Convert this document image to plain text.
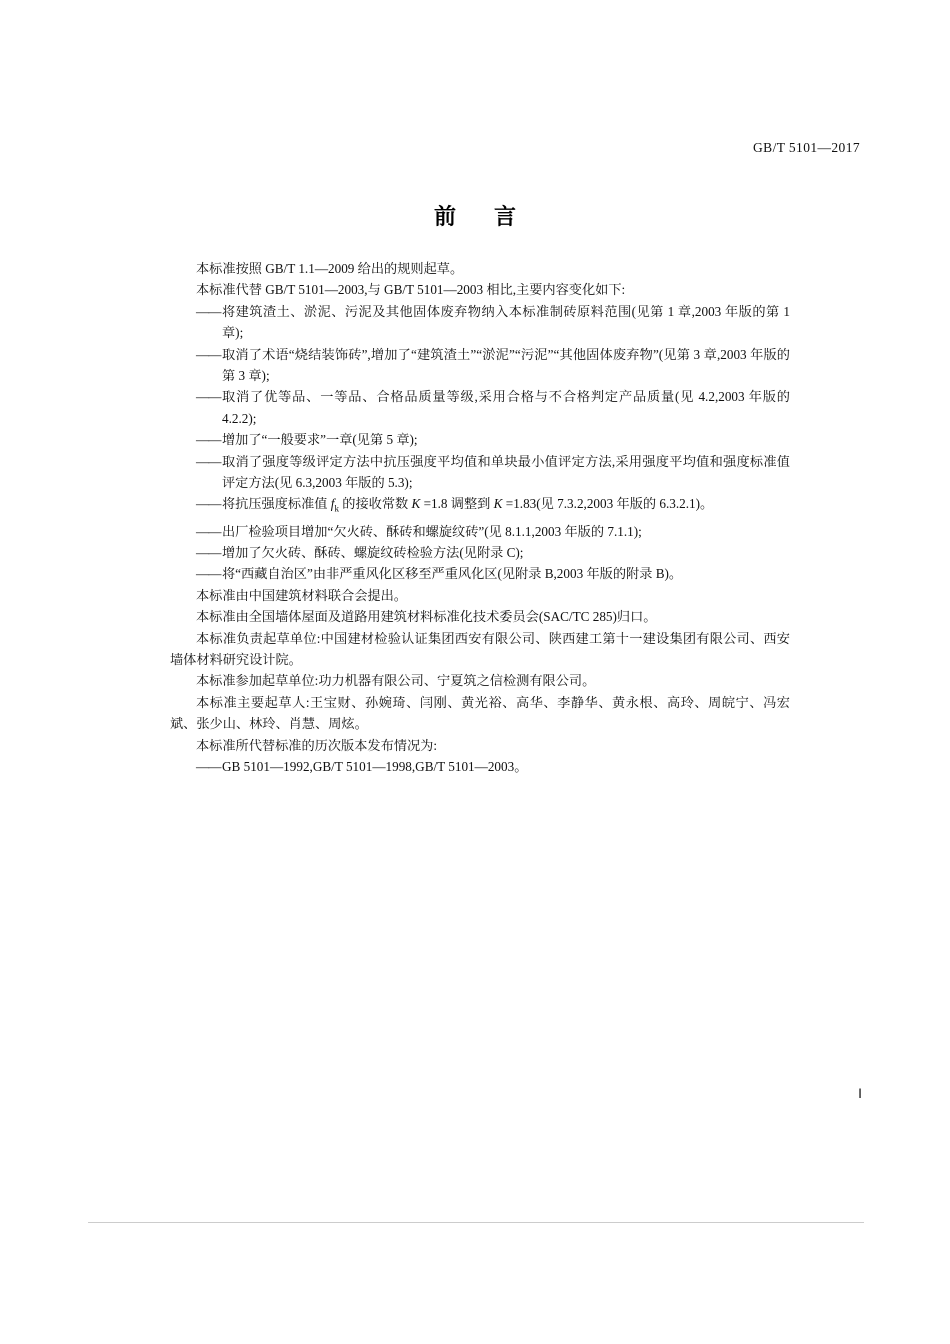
GB/T 5101—2017
前 言
本标准按照 GB/T 1.1—2009 给出的规则起草。
本标准代替 GB/T 5101—2003,与 GB/T 5101—2003 相比,主要内容变化如下:
—— 将建筑渣土、淤泥、污泥及其他固体废弃物纳入本标准制砖原料范围(见第 1 章,2003 年版的第 1 章);
—— 取消了术语“烧结装饰砖”,增加了“建筑渣土”“淤泥”“污泥”“其他固体废弃物”(见第 3 章,2003 年版的第 3 章);
—— 取消了优等品、一等品、合格品质量等级,采用合格与不合格判定产品质量(见 4.2,2003 年版的 4.2.2);
—— 增加了“一般要求”一章(见第 5 章);
—— 取消了强度等级评定方法中抗压强度平均值和单块最小值评定方法,采用强度平均值和强度标准值评定方法(见 6.3,2003 年版的 5.3);
—— 将抗压强度标准值 $f_k$ 的接收常数 K =1.8 调整到 K =1.83(见 7.3.2,2003 年版的 6.3.2.1)。
—— 出厂检验项目增加“欠火砖、酥砖和螺旋纹砖”(见 8.1.1,2003 年版的 7.1.1);
—— 增加了欠火砖、酥砖、螺旋纹砖检验方法(见附录 C);
—— 将“西藏自治区”由非严重风化区移至严重风化区(见附录 B,2003 年版的附录 B)。
本标准由中国建筑材料联合会提出。
本标准由全国墙体屋面及道路用建筑材料标准化技术委员会(SAC/TC 285)归口。
本标准负责起草单位:中国建材检验认证集团西安有限公司、陕西建工第十一建设集团有限公司、西安墙体材料研究设计院。
本标准参加起草单位:功力机器有限公司、宁夏筑之信检测有限公司。
本标准主要起草人:王宝财、孙婉琦、闫刚、黄光裕、高华、李静华、黄永根、高玲、周皖宁、冯宏斌、张少山、林玲、肖慧、周炫。
本标准所代替标准的历次版本发布情况为:
—— GB 5101—1992,GB/T 5101—1998,GB/T 5101—2003。
Ⅰ
